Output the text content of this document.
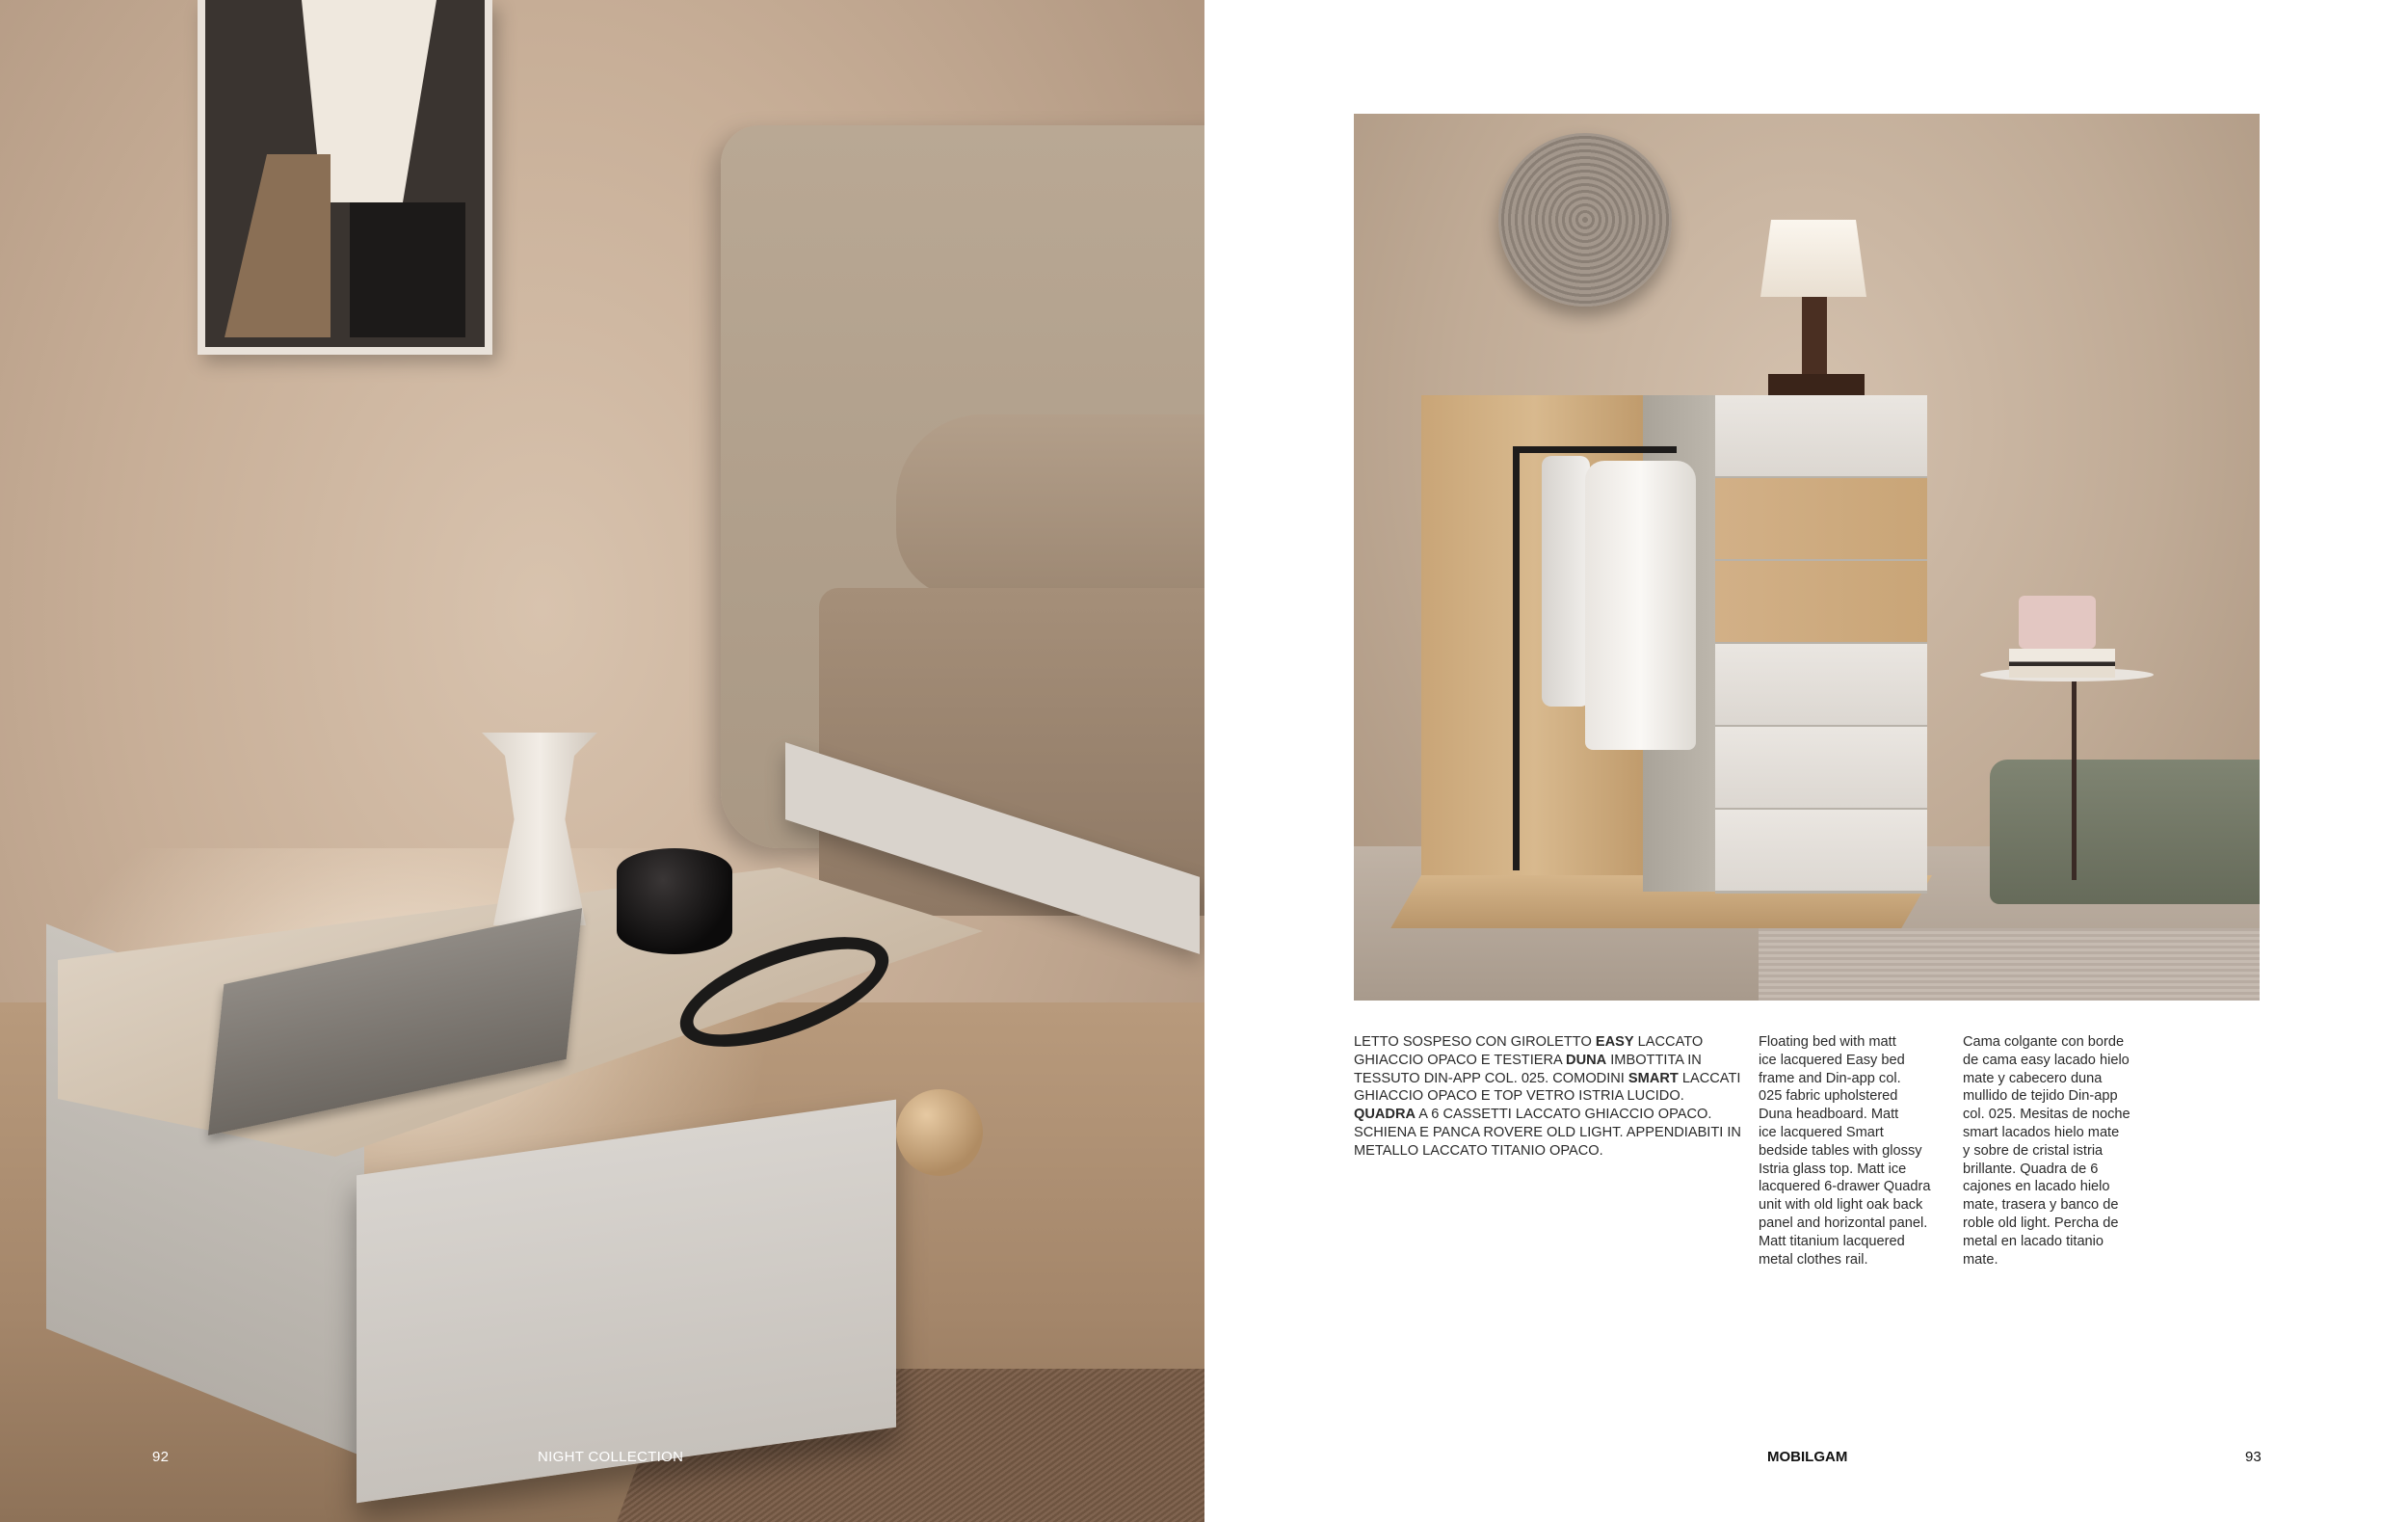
92	NIGHT COLLECTION

LETTO SOSPESO CON GIROLETTO EASY LACCATO
GHIACCIO OPACO E TESTIERA DUNA IMBOTTITA IN
TESSUTO DIN-APP COL. 025. COMODINI SMART LACCATI
GHIACCIO OPACO E TOP VETRO ISTRIA LUCIDO.
QUADRA A 6 CASSETTI LACCATO GHIACCIO OPACO.
SCHIENA E PANCA ROVERE OLD LIGHT. APPENDIABITI IN
METALLO LACCATO TITANIO OPACO.

Floating bed with matt
ice lacquered Easy bed
frame and Din-app col.
025 fabric upholstered
Duna headboard. Matt
ice lacquered Smart
bedside tables with glossy
Istria glass top. Matt ice
lacquered 6-drawer Quadra
unit with old light oak back
panel and horizontal panel.
Matt titanium lacquered
metal clothes rail.

Cama colgante con borde
de cama easy lacado hielo
mate y cabecero duna
mullido de tejido Din-app
col. 025. Mesitas de noche
smart lacados hielo mate
y sobre de cristal istria
brillante. Quadra de 6
cajones en lacado hielo
mate, trasera y banco de
roble old light. Percha de
metal en lacado titanio
mate.

MOBILGAM	93
